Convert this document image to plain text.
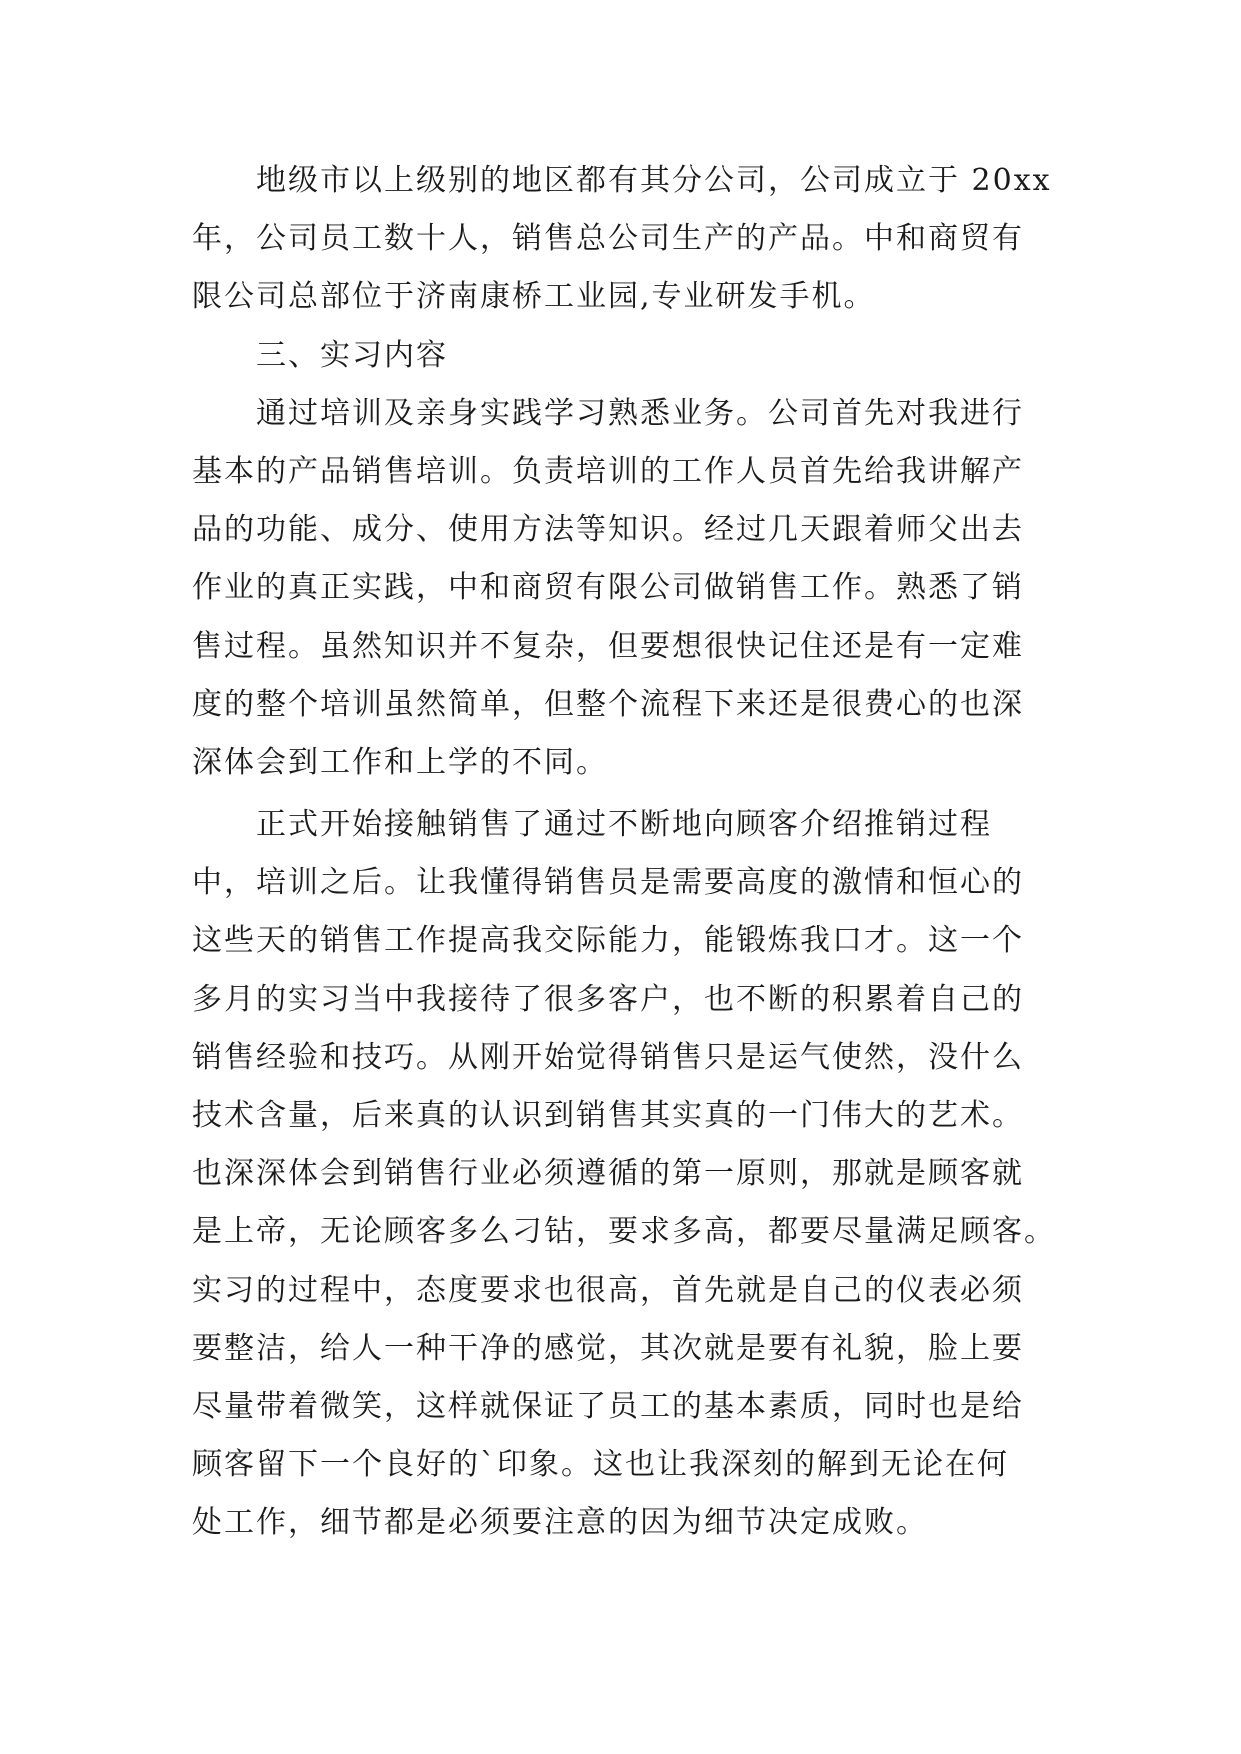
地级市以上级别的地区都有其分公司，公司成立于 20xx
年，公司员工数十人，销售总公司生产的产品。中和商贸有
限公司总部位于济南康桥工业园,专业研发手机。
三、实习内容
通过培训及亲身实践学习熟悉业务。公司首先对我进行
基本的产品销售培训。负责培训的工作人员首先给我讲解产
品的功能、成分、使用方法等知识。经过几天跟着师父出去
作业的真正实践，中和商贸有限公司做销售工作。熟悉了销
售过程。虽然知识并不复杂，但要想很快记住还是有一定难
度的整个培训虽然简单，但整个流程下来还是很费心的也深
深体会到工作和上学的不同。
正式开始接触销售了通过不断地向顾客介绍推销过程
中，培训之后。让我懂得销售员是需要高度的激情和恒心的
这些天的销售工作提高我交际能力，能锻炼我口才。这一个
多月的实习当中我接待了很多客户，也不断的积累着自己的
销售经验和技巧。从刚开始觉得销售只是运气使然，没什么
技术含量，后来真的认识到销售其实真的一门伟大的艺术。
也深深体会到销售行业必须遵循的第一原则，那就是顾客就
是上帝，无论顾客多么刁钻，要求多高，都要尽量满足顾客。
实习的过程中，态度要求也很高，首先就是自己的仪表必须
要整洁，给人一种干净的感觉，其次就是要有礼貌，脸上要
尽量带着微笑，这样就保证了员工的基本素质，同时也是给
顾客留下一个良好的`印象。这也让我深刻的解到无论在何
处工作，细节都是必须要注意的因为细节决定成败。
